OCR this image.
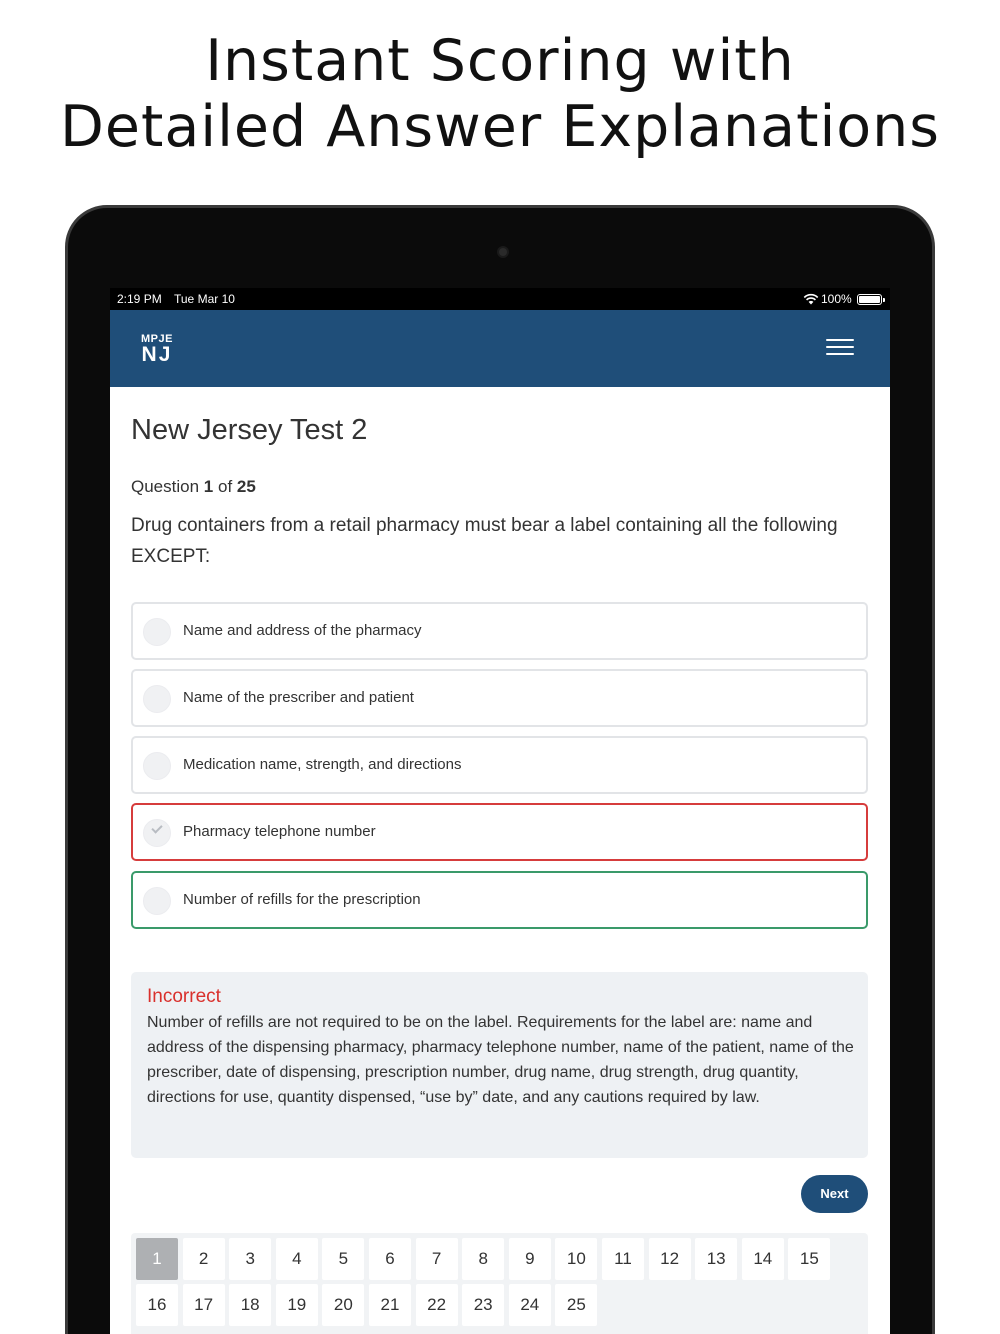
Instant Scoring with
Detailed Answer Explanations
2:19 PM Tue Mar 10	100%
MPJE
NJ
New Jersey Test 2
Question 1 of 25
Drug containers from a retail pharmacy must bear a label containing all the following EXCEPT:
Name and address of the pharmacy
Name of the prescriber and patient
Medication name, strength, and directions
Pharmacy telephone number
Number of refills for the prescription
Incorrect
Number of refills are not required to be on the label. Requirements for the label are: name and address of the dispensing pharmacy, pharmacy telephone number, name of the patient, name of the prescriber, date of dispensing, prescription number, drug name, drug strength, drug quantity, directions for use, quantity dispensed, “use by” date, and any cautions required by law.
Next
1	2	3	4	5	6	7	8	9	10	11	12	13	14	15
16	17	18	19	20	21	22	23	24	25
